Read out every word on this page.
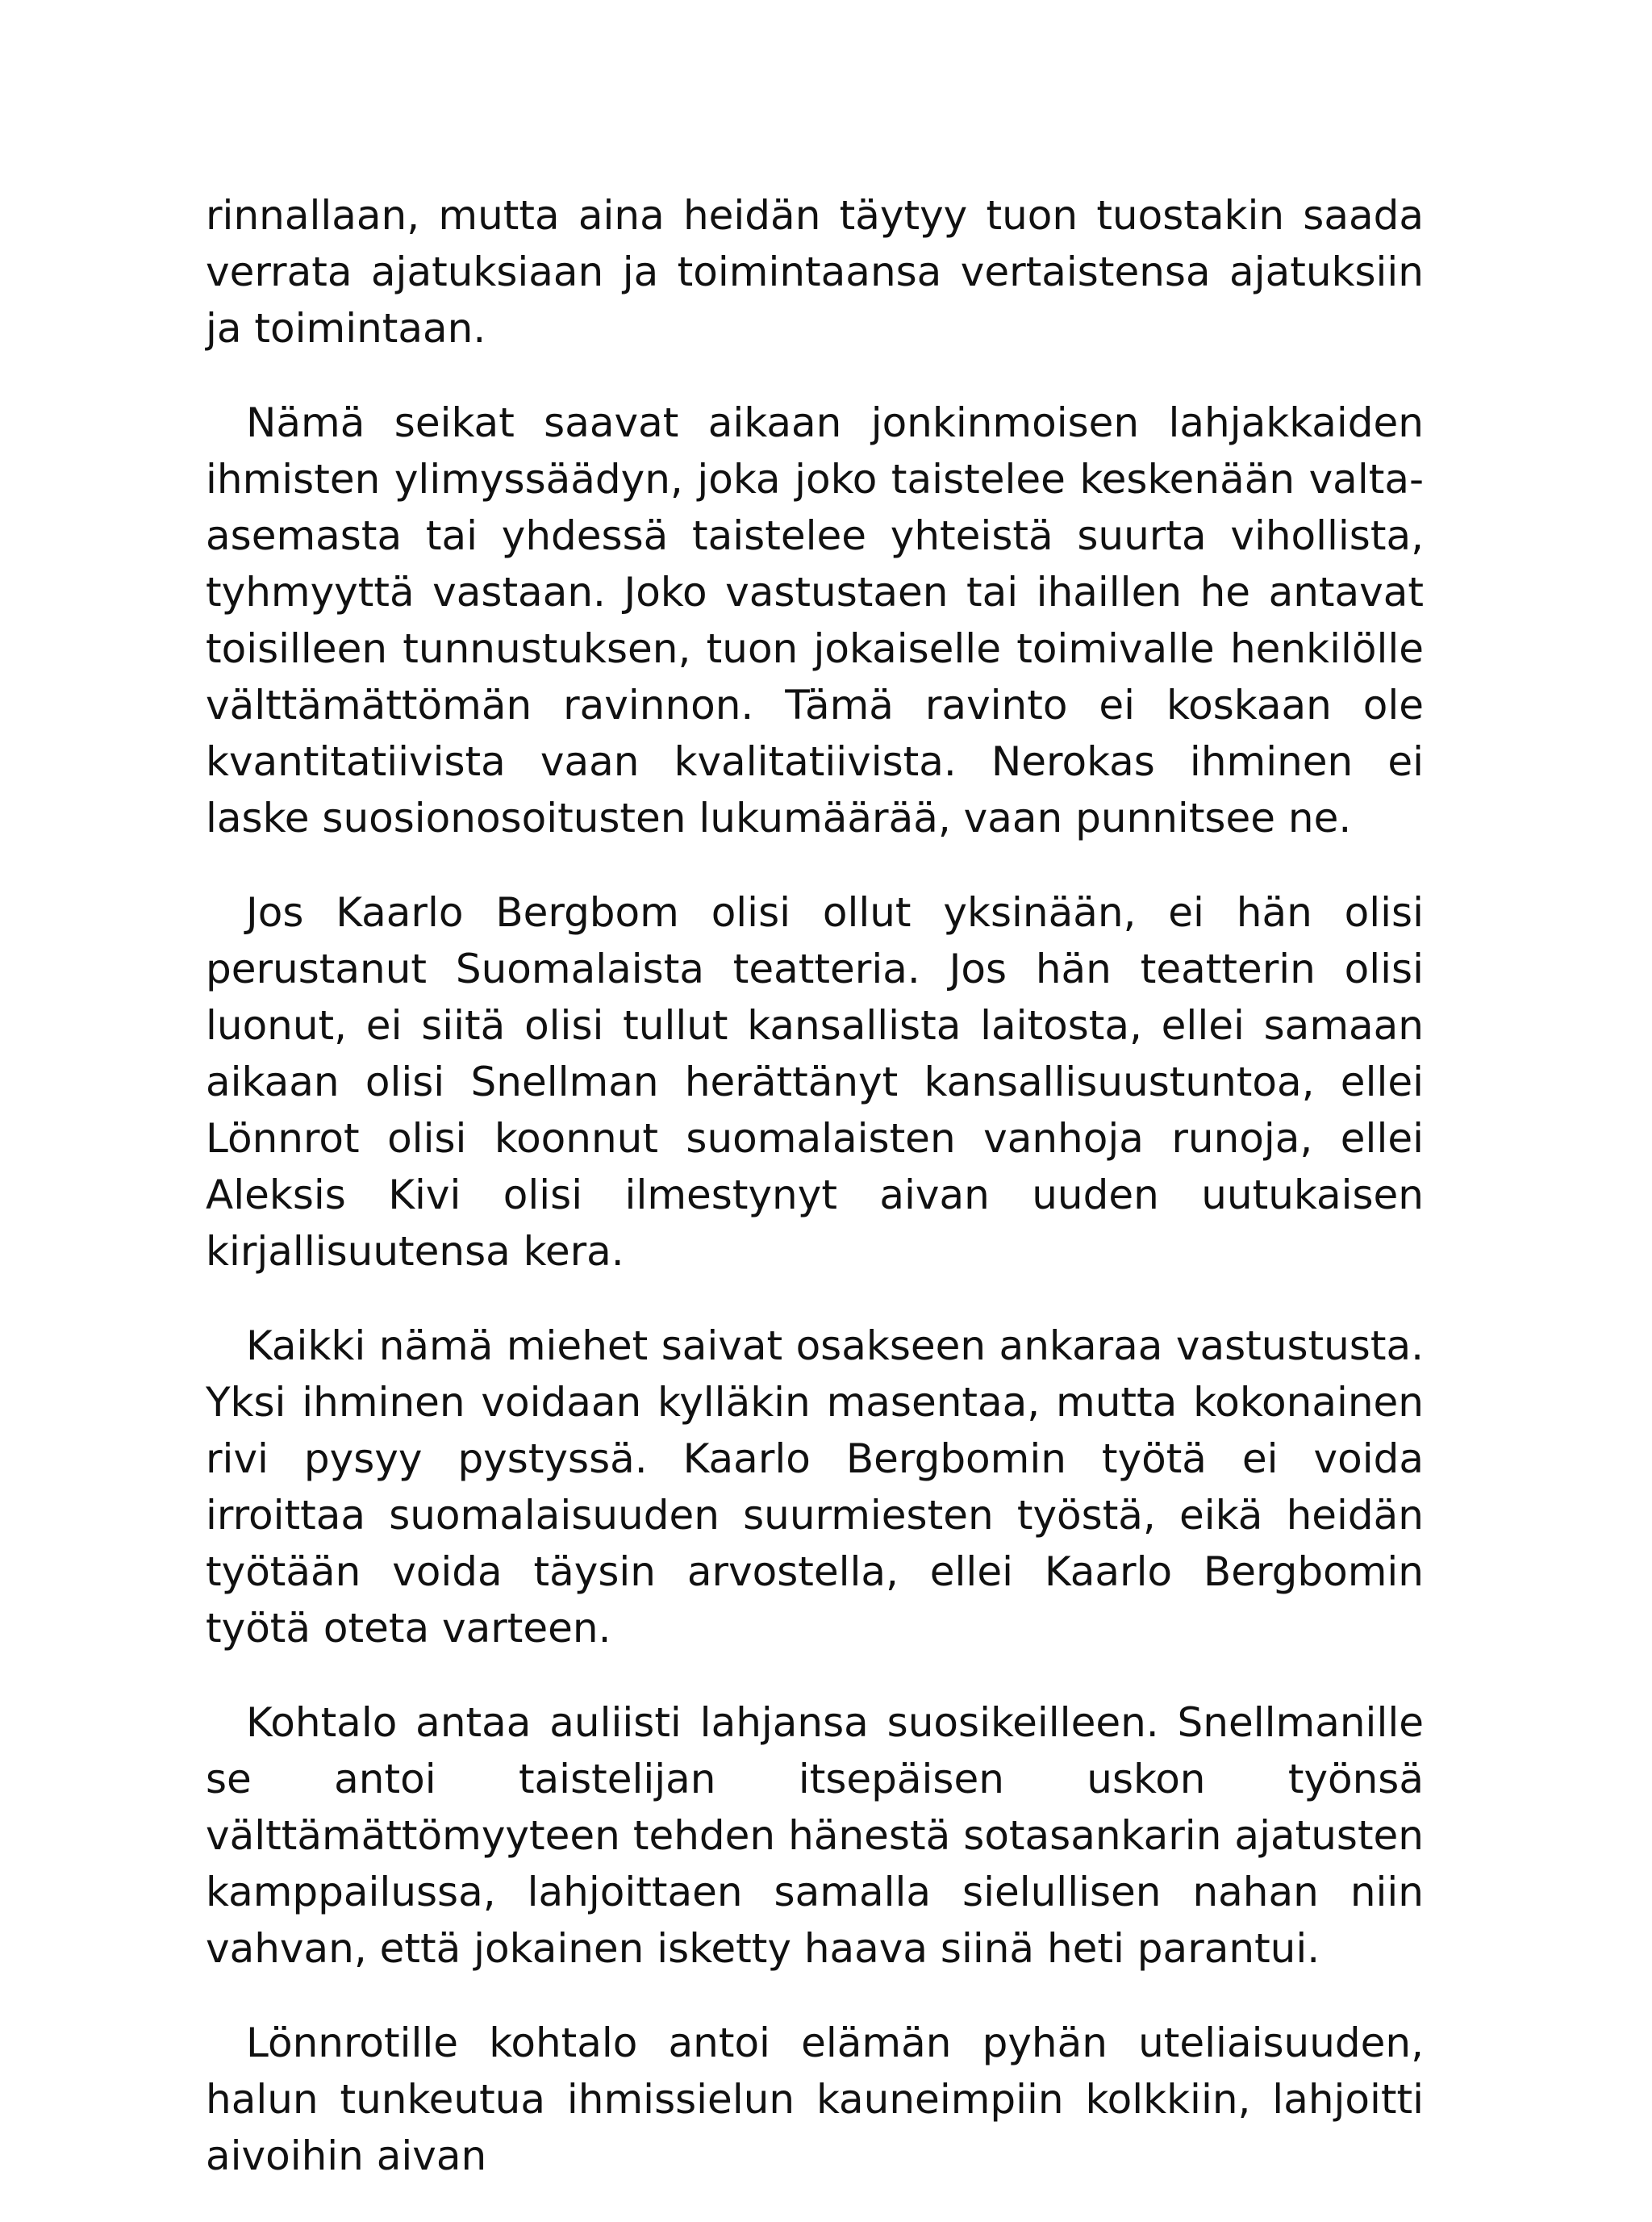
rinnallaan, mutta aina heidän täytyy tuon tuostakin saada verrata ajatuksiaan ja toimintaansa vertaistensa ajatuksiin ja toimintaan.

Nämä seikat saavat aikaan jonkinmoisen lahjakkaiden ihmisten ylimyssäädyn, joka joko taistelee keskenään valta-asemasta tai yhdessä taistelee yhteistä suurta vihollista, tyhmyyttä vastaan. Joko vastustaen tai ihaillen he antavat toisilleen tunnustuksen, tuon jokaiselle toimivalle henkilölle välttämättömän ravinnon. Tämä ravinto ei koskaan ole kvantitatiivista vaan kvalitatiivista. Nerokas ihminen ei laske suosionosoitusten lukumäärää, vaan punnitsee ne.

Jos Kaarlo Bergbom olisi ollut yksinään, ei hän olisi perustanut Suomalaista teatteria. Jos hän teatterin olisi luonut, ei siitä olisi tullut kansallista laitosta, ellei samaan aikaan olisi Snellman herättänyt kansallisuustuntoa, ellei Lönnrot olisi koonnut suomalaisten vanhoja runoja, ellei Aleksis Kivi olisi ilmestynyt aivan uuden uutukaisen kirjallisuutensa kera.

Kaikki nämä miehet saivat osakseen ankaraa vastustusta. Yksi ihminen voidaan kylläkin masentaa, mutta kokonainen rivi pysyy pystyssä. Kaarlo Bergbomin työtä ei voida irroittaa suomalaisuuden suurmiesten työstä, eikä heidän työtään voida täysin arvostella, ellei Kaarlo Bergbomin työtä oteta varteen.

Kohtalo antaa auliisti lahjansa suosikeilleen. Snellmanille se antoi taistelijan itsepäisen uskon työnsä välttämättömyyteen tehden hänestä sotasankarin ajatusten kamppailussa, lahjoittaen samalla sielullisen nahan niin vahvan, että jokainen isketty haava siinä heti parantui.

Lönnrotille kohtalo antoi elämän pyhän uteliaisuuden, halun tunkeutua ihmissielun kauneimpiin kolkkiin, lahjoitti aivoihin aivan
